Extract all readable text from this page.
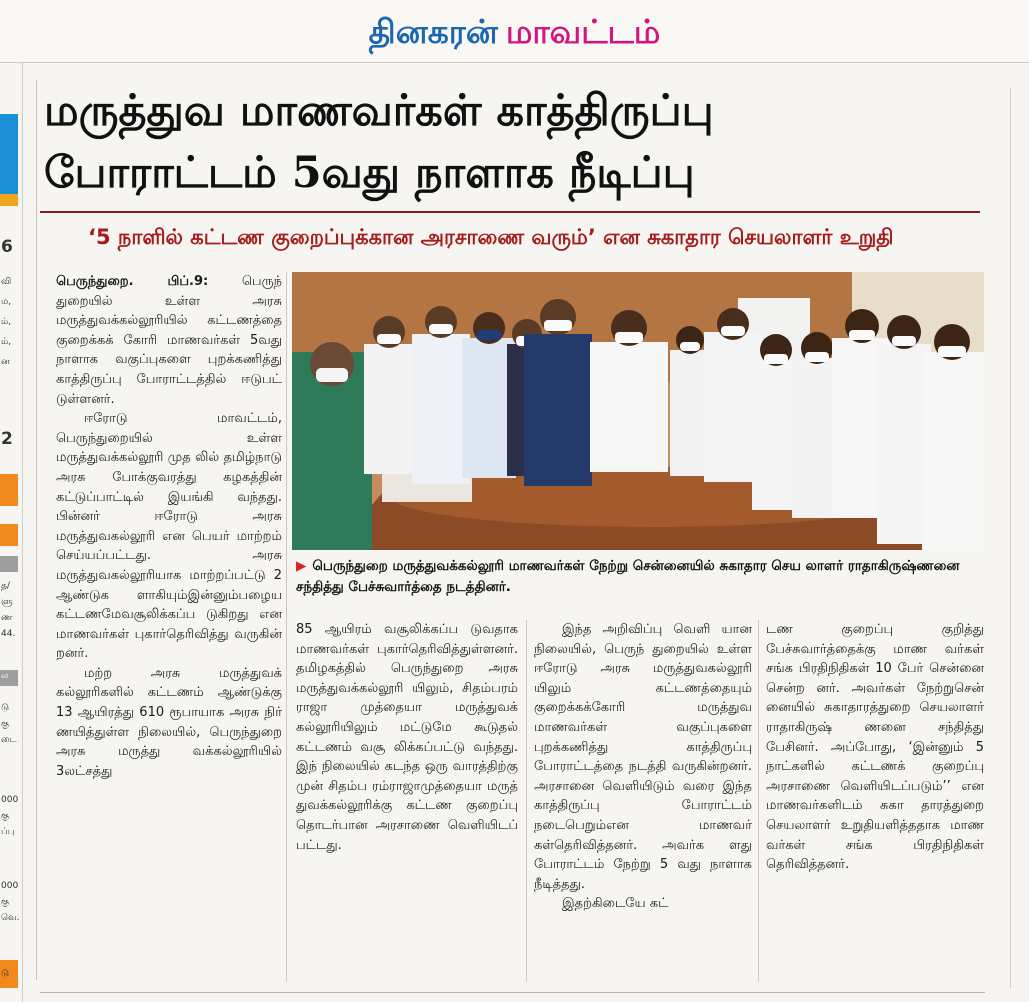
தினகரன் மாவட்டம்
6
வி
ம,
ம்,
ம்,
ன
2
த/
ளு
ண
44.
ல
டு
கு
டை
000
கு
ப்பு
000
கு
வெ.
டு
மருத்துவ மாணவர்கள் காத்திருப்பு
போராட்டம் 5வது நாளாக நீடிப்பு
‘5 நாளில் கட்டண குறைப்புக்கான அரசாணை வரும்’ என சுகாதார செயலாளர் உறுதி
▶ பெருந்துறை மருத்துவக்கல்லூரி மாணவர்கள் நேற்று சென்னையில் சுகாதார செய லாளர் ராதாகிருஷ்ணனை சந்தித்து பேச்சுவார்த்தை நடத்தினர்.

பெருந்துறை. பிப்.9:	பெருந் துறையில் உள்ள அரசு மருத்துவக்கல்லூரியில் கட்டணத்தை குறைக்கக் கோரி மாணவர்கள் 5வது நாளாக வகுப்புகளை புறக்கணித்து காத்திருப்பு போராட்டத்தில் ஈடுபட் டுள்ளனர்.

ஈரோடு மாவட்டம், பெருந்துறையில் உள்ள மருத்துவக்கல்லூரி முத லில் தமிழ்நாடு அரசு போக்குவரத்து கழகத்தின் கட்டுப்பாட்டில் இயங்கி வந்தது. பின்னர் ஈரோடு அரசு மருத்துவகல்லூரி என பெயர் மாற்றம் செய்யப்பட்டது. அரசு மருத்துவகல்லூரியாக மாற்றப்பட்டு 2 ஆண்டுக ளாகியும்இன்னும்பழைய கட்டணமேவசூலிக்கப்ப டுகிறது என மாணவர்கள் புகார்தெரிவித்து வருகின் றனர்.

மற்ற அரசு மருத்துவக் கல்லூரிகளில் கட்டணம் ஆண்டுக்கு 13 ஆயிரத்து 610 ரூபாயாக அரசு நிர் ணயித்துள்ள நிலையில், பெருந்துறை அரசு மருத்து வக்கல்லூரியில் 3லட்சத்து

85 ஆயிரம் வசூலிக்கப்ப டுவதாக மாணவர்கள் புகார்தெரிவித்துள்ளனர். தமிழகத்தில் பெருந்துறை அரசு மருத்துவக்கல்லூரி யிலும், சிதம்பரம் ராஜா முத்தையா மருத்துவக் கல்லூரியிலும் மட்டுமே கூடுதல் கட்டணம் வசூ லிக்கப்பட்டு வந்தது. இந் நிலையில் கடந்த ஒரு வாரத்திற்கு முன் சிதம்ப ரம்ராஜாமுத்தையா மருத் துவக்கல்லூரிக்கு கட்டண குறைப்பு தொடர்பான அரசாணை வெளியிடப் பட்டது.

இந்த அறிவிப்பு வெளி யான நிலையில், பெருந் துறையில் உள்ள ஈரோடு அரசு மருத்துவகல்லூரி யிலும் கட்டணத்தையும் குறைக்கக்கோரி மருத்துவ மாணவர்கள் வகுப்புகளை புறக்கணித்து காத்திருப்பு போராட்டத்தை நடத்தி வருகின்றனர். அரசானை வெளியிடும் வரை இந்த காத்திருப்பு போராட்டம் நடைபெறும்என மாணவர் கள்தெரிவித்தனர். அவர்க ளது போராட்டம் நேற்று 5 வது நாளாக நீடித்தது.

இதற்கிடையே கட்

டண குறைப்பு குறித்து பேச்சுவார்த்தைக்கு மாண வர்கள் சங்க பிரதிநிதிகள் 10 பேர் சென்னை சென்ற னர். அவர்கள் நேற்றுசென் னையில் சுகாதாரத்துறை செயலாளர் ராதாகிருஷ் ணனை சந்தித்து பேசினர். அப்போது, ‘இன்னும் 5 நாட்களில் கட்டணக் குறைப்பு அரசாணை வெளியிடப்படும்’’ என மாணவர்களிடம் சுகா தாரத்துறை செயலாளர் உறுதியளித்ததாக மாண வர்கள் சங்க பிரதிநிதிகள் தெரிவித்தனர்.
